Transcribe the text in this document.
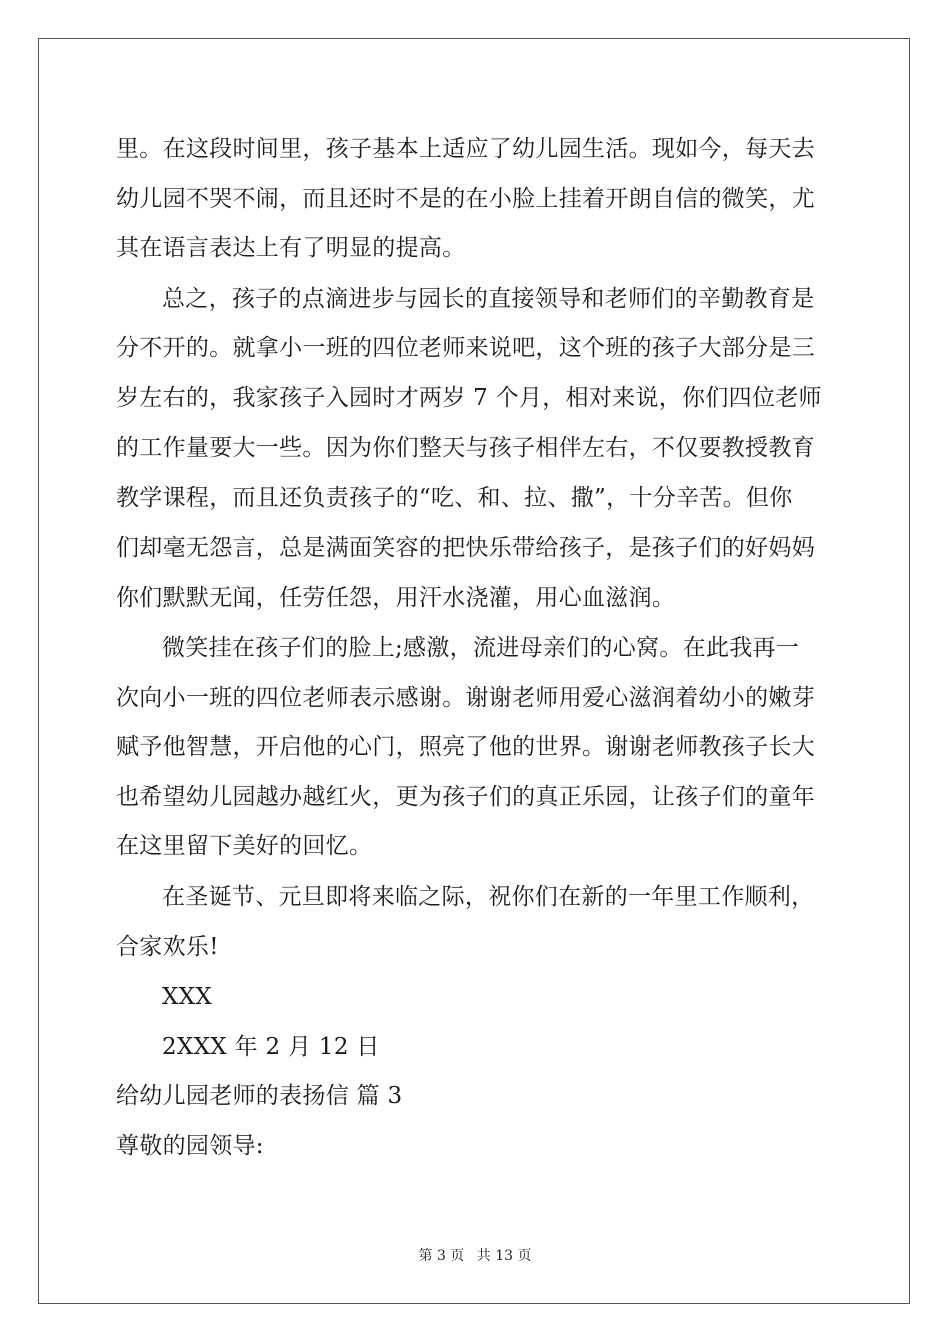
里。在这段时间里，孩子基本上适应了幼儿园生活。现如今，每天去
幼儿园不哭不闹，而且还时不是的在小脸上挂着开朗自信的微笑，尤
其在语言表达上有了明显的提高。
总之，孩子的点滴进步与园长的直接领导和老师们的辛勤教育是
分不开的。就拿小一班的四位老师来说吧，这个班的孩子大部分是三
岁左右的，我家孩子入园时才两岁 7 个月，相对来说，你们四位老师
的工作量要大一些。因为你们整天与孩子相伴左右，不仅要教授教育
教学课程，而且还负责孩子的“吃、和、拉、撒”，十分辛苦。但你
们却毫无怨言，总是满面笑容的把快乐带给孩子，是孩子们的好妈妈
你们默默无闻，任劳任怨，用汗水浇灌，用心血滋润。
微笑挂在孩子们的脸上;感激，流进母亲们的心窝。在此我再一
次向小一班的四位老师表示感谢。谢谢老师用爱心滋润着幼小的嫩芽
赋予他智慧，开启他的心门，照亮了他的世界。谢谢老师教孩子长大
也希望幼儿园越办越红火，更为孩子们的真正乐园，让孩子们的童年
在这里留下美好的回忆。
在圣诞节、元旦即将来临之际，祝你们在新的一年里工作顺利，
合家欢乐!
XXX
2XXX 年 2 月 12 日
给幼儿园老师的表扬信 篇 3
尊敬的园领导:
第 3 页 共 13 页
